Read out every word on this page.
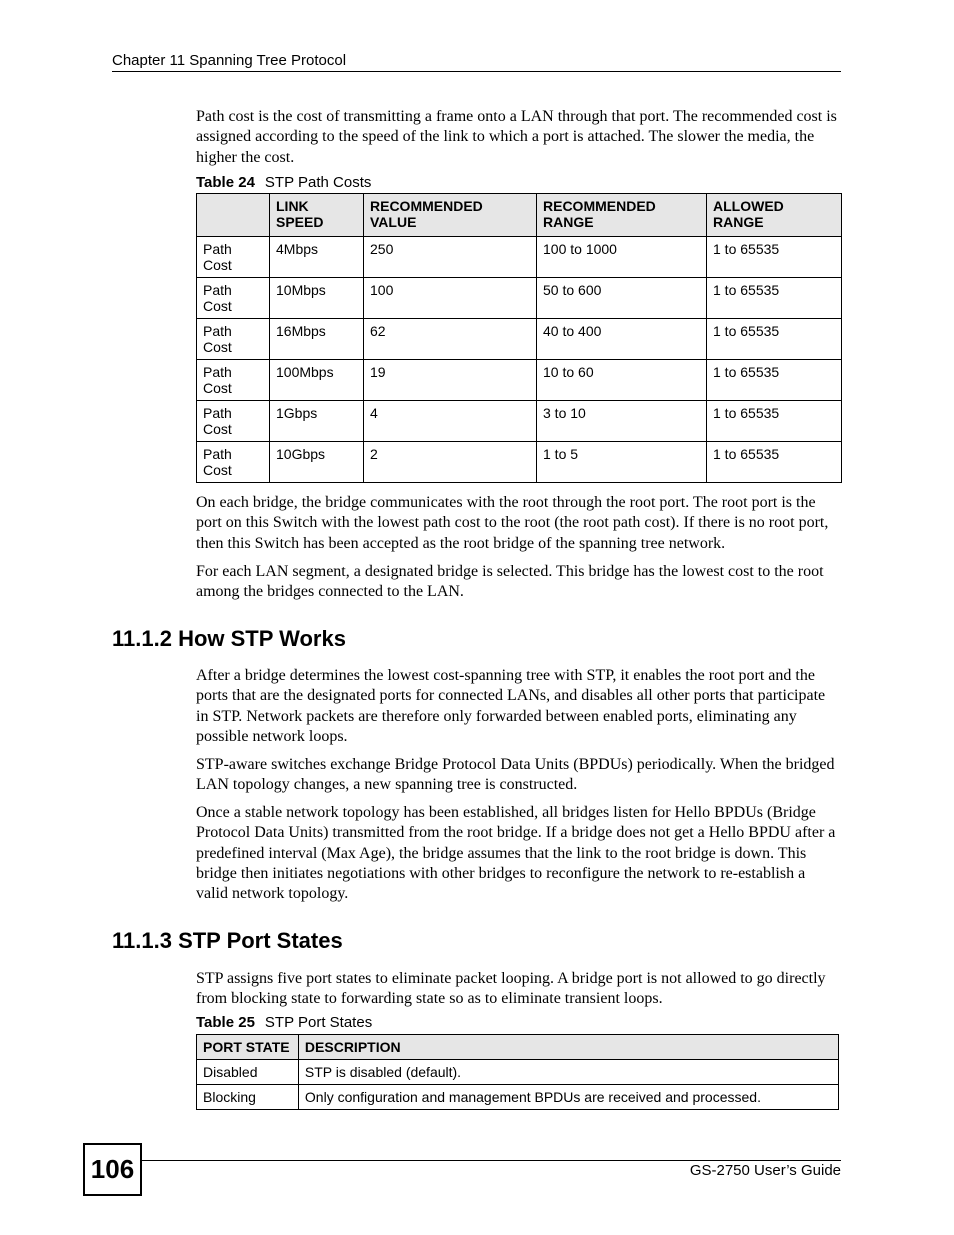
Chapter 11 Spanning Tree Protocol

Path cost is the cost of transmitting a frame onto a LAN through that port. The recommended cost is assigned according to the speed of the link to which a port is attached. The slower the media, the higher the cost.

Table 24 STP Path Costs
	LINK SPEED	RECOMMENDED VALUE	RECOMMENDED RANGE	ALLOWED RANGE
Path Cost	4Mbps	250	100 to 1000	1 to 65535
Path Cost	10Mbps	100	50 to 600	1 to 65535
Path Cost	16Mbps	62	40 to 400	1 to 65535
Path Cost	100Mbps	19	10 to 60	1 to 65535
Path Cost	1Gbps	4	3 to 10	1 to 65535
Path Cost	10Gbps	2	1 to 5	1 to 65535

On each bridge, the bridge communicates with the root through the root port. The root port is the port on this Switch with the lowest path cost to the root (the root path cost). If there is no root port, then this Switch has been accepted as the root bridge of the spanning tree network.

For each LAN segment, a designated bridge is selected. This bridge has the lowest cost to the root among the bridges connected to the LAN.

11.1.2 How STP Works

After a bridge determines the lowest cost-spanning tree with STP, it enables the root port and the ports that are the designated ports for connected LANs, and disables all other ports that participate in STP. Network packets are therefore only forwarded between enabled ports, eliminating any possible network loops.

STP-aware switches exchange Bridge Protocol Data Units (BPDUs) periodically. When the bridged LAN topology changes, a new spanning tree is constructed.

Once a stable network topology has been established, all bridges listen for Hello BPDUs (Bridge Protocol Data Units) transmitted from the root bridge. If a bridge does not get a Hello BPDU after a predefined interval (Max Age), the bridge assumes that the link to the root bridge is down. This bridge then initiates negotiations with other bridges to reconfigure the network to re-establish a valid network topology.

11.1.3 STP Port States

STP assigns five port states to eliminate packet looping. A bridge port is not allowed to go directly from blocking state to forwarding state so as to eliminate transient loops.

Table 25 STP Port States
PORT STATE	DESCRIPTION
Disabled	STP is disabled (default).
Blocking	Only configuration and management BPDUs are received and processed.
106	GS-2750 User’s Guide
